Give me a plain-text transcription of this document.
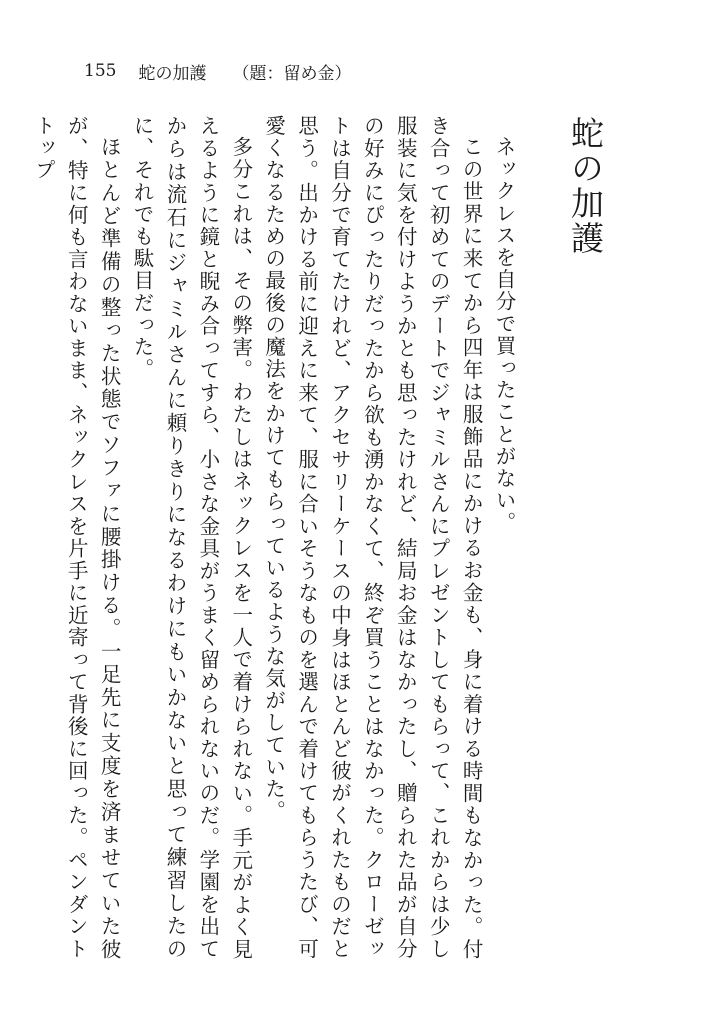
155 蛇の加護 （題：留め金）
蛇の加護

ネックレスを自分で買ったことがない。

この世界に来てから四年は服飾品にかけるお金も、身に着ける時間もなかった。付き合って初めてのデートでジャミルさんにプレゼントしてもらって、これからは少し服装に気を付けようかとも思ったけれど、結局お金はなかったし、贈られた品が自分の好みにぴったりだったから欲も湧かなくて、終ぞ買うことはなかった。クローゼットは自分で育てたけれど、アクセサリーケースの中身はほとんど彼がくれたものだと思う。出かける前に迎えに来て、服に合いそうなものを選んで着けてもらうたび、可愛くなるための最後の魔法をかけてもらっているような気がしていた。

多分これは、その弊害。わたしはネックレスを一人で着けられない。手元がよく見えるように鏡と睨み合ってすら、小さな金具がうまく留められないのだ。学園を出てからは流石にジャミルさんに頼りきりになるわけにもいかないと思って練習したのに、それでも駄目だった。

ほとんど準備の整った状態でソファに腰掛ける。一足先に支度を済ませていた彼が、特に何も言わないまま、ネックレスを片手に近寄って背後に回った。ペンダントトップ
